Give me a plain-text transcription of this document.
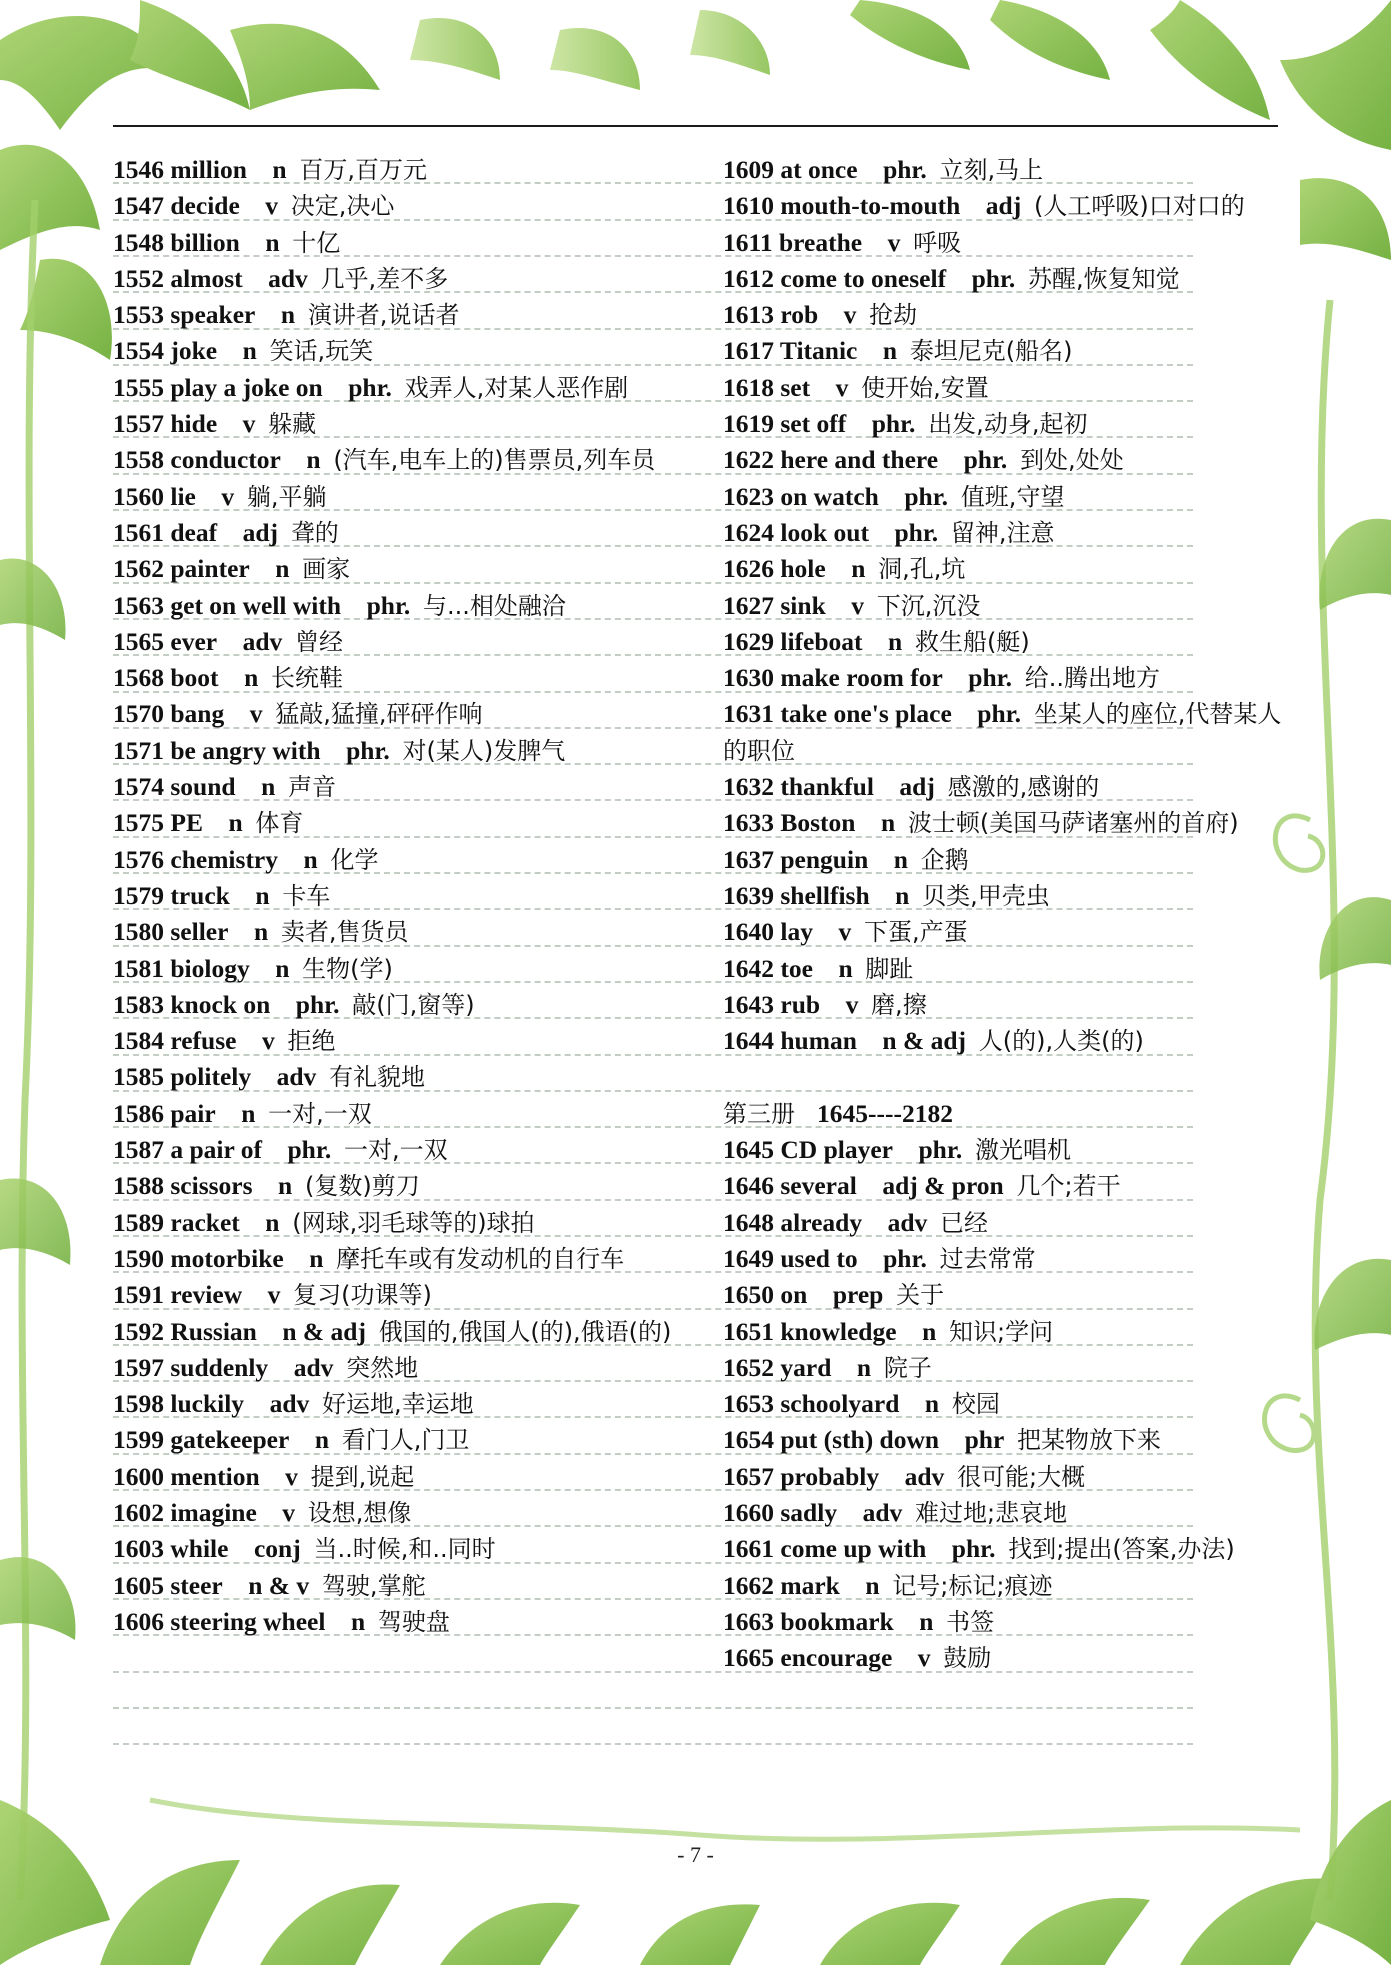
1546 million  n  百万,百万元

1547 decide  v  决定,决心

1548 billion  n  十亿

1552 almost  adv  几乎,差不多

1553 speaker  n  演讲者,说话者

1554 joke  n  笑话,玩笑

1555 play a joke on  phr.  戏弄人,对某人恶作剧

1557 hide  v  躲藏

1558 conductor  n  (汽车,电车上的)售票员,列车员

1560 lie  v  躺,平躺

1561 deaf  adj  聋的

1562 painter  n  画家

1563 get on well with  phr.  与...相处融洽

1565 ever  adv  曾经

1568 boot  n  长统鞋

1570 bang  v  猛敲,猛撞,砰砰作响

1571 be angry with  phr.  对(某人)发脾气

1574 sound  n  声音

1575 PE  n  体育

1576 chemistry  n  化学

1579 truck  n  卡车

1580 seller  n  卖者,售货员

1581 biology  n  生物(学)

1583 knock on  phr.  敲(门,窗等)

1584 refuse  v  拒绝

1585 politely  adv  有礼貌地

1586 pair  n  一对,一双

1587 a pair of  phr.  一对,一双

1588 scissors  n  (复数)剪刀

1589 racket  n  (网球,羽毛球等的)球拍

1590 motorbike  n  摩托车或有发动机的自行车

1591 review  v  复习(功课等)

1592 Russian  n & adj  俄国的,俄国人(的),俄语(的)

1597 suddenly  adv  突然地

1598 luckily  adv  好运地,幸运地

1599 gatekeeper  n  看门人,门卫

1600 mention  v  提到,说起

1602 imagine  v  设想,想像

1603 while  conj  当..时候,和..同时

1605 steer  n & v  驾驶,掌舵

1606 steering wheel  n  驾驶盘

1609 at once  phr.  立刻,马上

1610 mouth-to-mouth  adj  (人工呼吸)口对口的

1611 breathe  v  呼吸

1612 come to oneself  phr.  苏醒,恢复知觉

1613 rob  v  抢劫

1617 Titanic  n  泰坦尼克(船名)

1618 set  v  使开始,安置

1619 set off  phr.  出发,动身,起初

1622 here and there  phr.  到处,处处

1623 on watch  phr.  值班,守望

1624 look out  phr.  留神,注意

1626 hole  n  洞,孔,坑

1627 sink  v  下沉,沉没

1629 lifeboat  n  救生船(艇)

1630 make room for  phr.  给..腾出地方

1631 take one's place  phr.  坐某人的座位,代替某人的职位

1632 thankful  adj  感激的,感谢的

1633 Boston  n  波士顿(美国马萨诸塞州的首府)

1637 penguin  n  企鹅

1639 shellfish  n  贝类,甲壳虫

1640 lay  v  下蛋,产蛋

1642 toe  n  脚趾

1643 rub  v  磨,擦

1644 human  n & adj  人(的),人类(的)

第三册 1645----2182

1645 CD player  phr.  激光唱机

1646 several  adj & pron  几个;若干

1648 already  adv  已经

1649 used to  phr.  过去常常

1650 on  prep  关于

1651 knowledge  n  知识;学问

1652 yard  n  院子

1653 schoolyard  n  校园

1654 put (sth) down  phr  把某物放下来

1657 probably  adv  很可能;大概

1660 sadly  adv  难过地;悲哀地

1661 come up with  phr.  找到;提出(答案,办法)

1662 mark  n  记号;标记;痕迹

1663 bookmark  n  书签

1665 encourage  v  鼓励

- 7 -
